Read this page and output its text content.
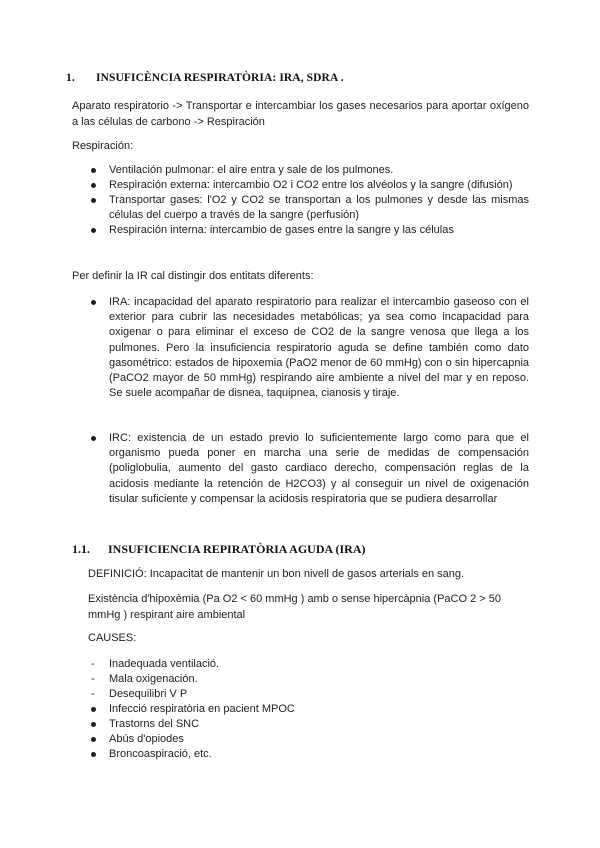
1. INSUFICÈNCIA RESPIRATÒRIA: IRA, SDRA .
Aparato respiratorio -> Transportar e intercambiar los gases necesarios para aportar oxígeno a las células de carbono -> Respiración
Respiración:
Ventilación pulmonar: el aire entra y sale de los pulmones.
Respiración externa: intercambio O2 i CO2 entre los alvéolos y la sangre (difusión)
Transportar gases: l'O2 y CO2 se transportan a los pulmones y desde las mismas células del cuerpo a través de la sangre (perfusión)
Respiración interna: intercambio de gases entre la sangre y las células
Per definir la IR cal distingir dos entitats diferents:
IRA: incapacidad del aparato respiratorio para realizar el intercambio gaseoso con el exterior para cubrir las necesidades metabólicas; ya sea como incapacidad para oxigenar o para eliminar el exceso de CO2 de la sangre venosa que llega a los pulmones. Pero la insuficiencia respiratorio aguda se define también como dato gasométrico: estados de hipoxemia (PaO2 menor de 60 mmHg) con o sin hipercapnia (PaCO2 mayor de 50 mmHg) respirando aire ambiente a nivel del mar y en reposo. Se suele acompañar de disnea, taquipnea, cianosis y tiraje.
IRC: existencia de un estado previo lo suficientemente largo como para que el organismo pueda poner en marcha una serie de medidas de compensación (poliglobulia, aumento del gasto cardiaco derecho, compensación reglas de la acidosis mediante la retención de H2CO3) y al conseguir un nivel de oxigenación tisular suficiente y compensar la acidosis respiratoria que se pudiera desarrollar
1.1. INSUFICIENCIA REPIRATÒRIA AGUDA (IRA)
DEFINICIÓ: Incapacitat de mantenir un bon nivell de gasos arterials en sang.
Existència d'hipoxèmia (Pa O2 < 60 mmHg ) amb o sense hipercàpnia (PaCO 2 > 50 mmHg ) respirant aire ambiental
CAUSES:
- Inadequada ventilació.
- Mala oxigenación.
- Desequilibri V P
Infecció respiratòria en pacient MPOC
Trastorns del SNC
Abús d'opiodes
Broncoaspiració, etc.
